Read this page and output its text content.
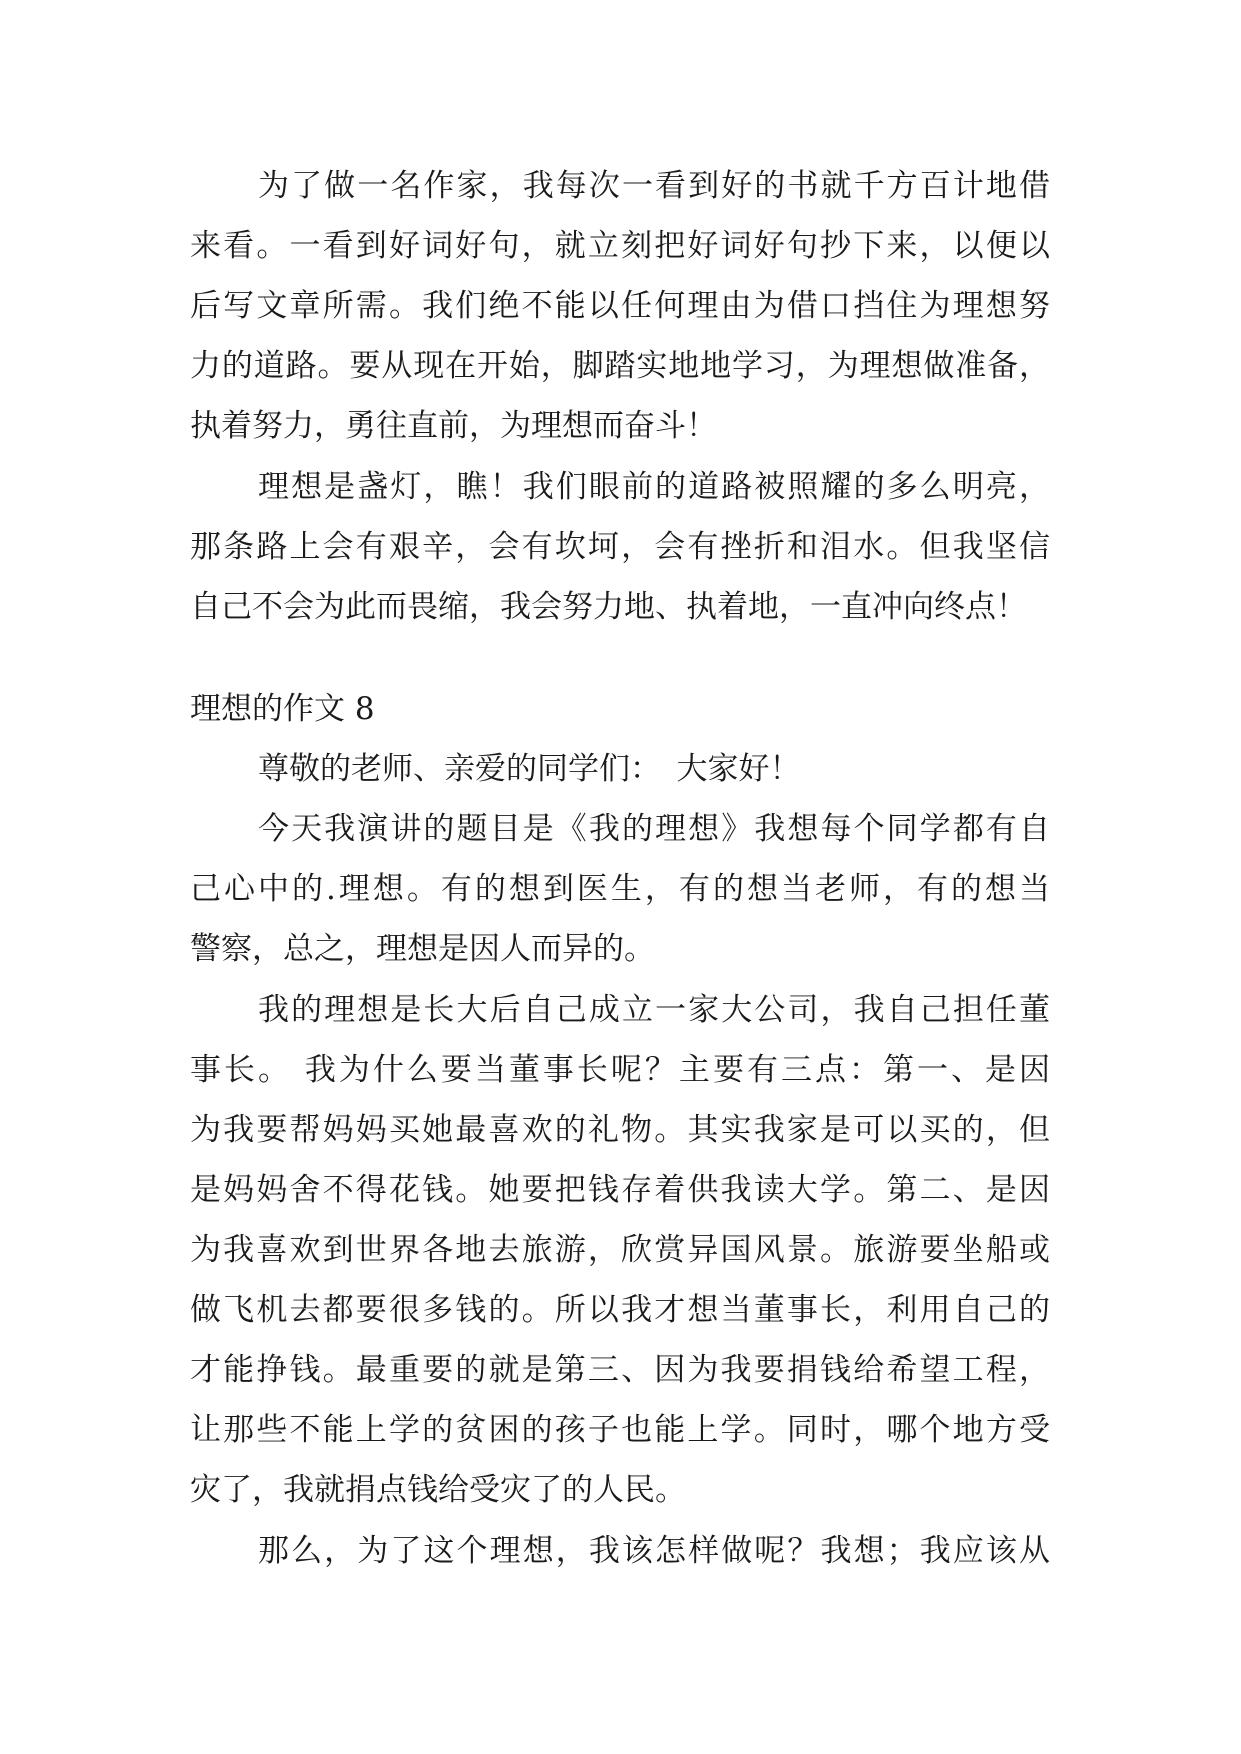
为了做一名作家，我每次一看到好的书就千方百计地借
来看。一看到好词好句，就立刻把好词好句抄下来，以便以
后写文章所需。我们绝不能以任何理由为借口挡住为理想努
力的道路。要从现在开始，脚踏实地地学习，为理想做准备，
执着努力，勇往直前，为理想而奋斗！
理想是盏灯，瞧！我们眼前的道路被照耀的多么明亮，
那条路上会有艰辛，会有坎坷，会有挫折和泪水。但我坚信
自己不会为此而畏缩，我会努力地、执着地，一直冲向终点！
理想的作文 8
尊敬的老师、亲爱的同学们：　大家好！
今天我演讲的题目是《我的理想》我想每个同学都有自
己心中的.理想。有的想到医生，有的想当老师，有的想当
警察，总之，理想是因人而异的。
我的理想是长大后自己成立一家大公司，我自己担任董
事长。 我为什么要当董事长呢？主要有三点：第一、是因
为我要帮妈妈买她最喜欢的礼物。其实我家是可以买的，但
是妈妈舍不得花钱。她要把钱存着供我读大学。第二、是因
为我喜欢到世界各地去旅游，欣赏异国风景。旅游要坐船或
做飞机去都要很多钱的。所以我才想当董事长，利用自己的
才能挣钱。最重要的就是第三、因为我要捐钱给希望工程，
让那些不能上学的贫困的孩子也能上学。同时，哪个地方受
灾了，我就捐点钱给受灾了的人民。
那么，为了这个理想，我该怎样做呢？我想；我应该从
